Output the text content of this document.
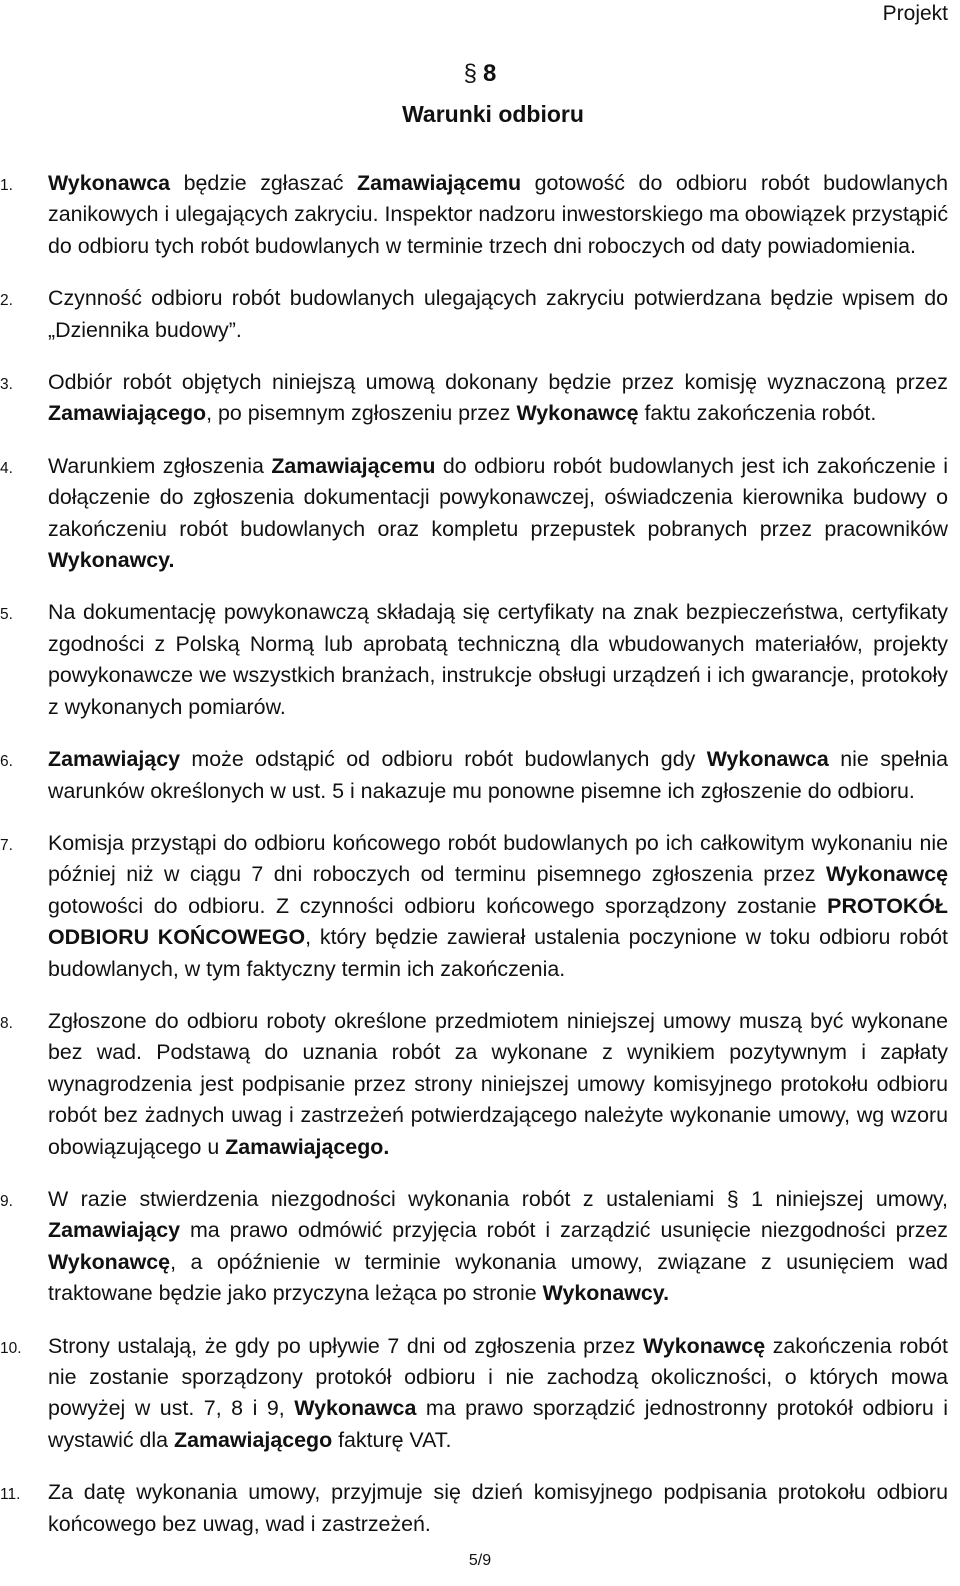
Projekt
§ 8
Warunki odbioru
1. Wykonawca będzie zgłaszać Zamawiającemu gotowość do odbioru robót budowlanych zanikowych i ulegających zakryciu. Inspektor nadzoru inwestorskiego ma obowiązek przystąpić do odbioru tych robót budowlanych w terminie trzech dni roboczych od daty powiadomienia.
2. Czynność odbioru robót budowlanych ulegających zakryciu potwierdzana będzie wpisem do „Dziennika budowy”.
3. Odbiór robót objętych niniejszą umową dokonany będzie przez komisję wyznaczoną przez Zamawiającego, po pisemnym zgłoszeniu przez Wykonawcę faktu zakończenia robót.
4. Warunkiem zgłoszenia Zamawiającemu do odbioru robót budowlanych jest ich zakończenie i dołączenie do zgłoszenia dokumentacji powykonawczej, oświadczenia kierownika budowy o zakończeniu robót budowlanych oraz kompletu przepustek pobranych przez pracowników Wykonawcy.
5. Na dokumentację powykonawczą składają się certyfikaty na znak bezpieczeństwa, certyfikaty zgodności z Polską Normą lub aprobatą techniczną dla wbudowanych materiałów, projekty powykonawcze we wszystkich branżach, instrukcje obsługi urządzeń i ich gwarancje, protokoły z wykonanych pomiarów.
6. Zamawiający może odstąpić od odbioru robót budowlanych gdy Wykonawca nie spełnia warunków określonych w ust. 5 i nakazuje mu ponowne pisemne ich zgłoszenie do odbioru.
7. Komisja przystąpi do odbioru końcowego robót budowlanych po ich całkowitym wykonaniu nie później niż w ciągu 7 dni roboczych od terminu pisemnego zgłoszenia przez Wykonawcę gotowości do odbioru. Z czynności odbioru końcowego sporządzony zostanie PROTOKÓŁ ODBIORU KOŃCOWEGO, który będzie zawierał ustalenia poczynione w toku odbioru robót budowlanych, w tym faktyczny termin ich zakończenia.
8. Zgłoszone do odbioru roboty określone przedmiotem niniejszej umowy muszą być wykonane bez wad. Podstawą do uznania robót za wykonane z wynikiem pozytywnym i zapłaty wynagrodzenia jest podpisanie przez strony niniejszej umowy komisyjnego protokołu odbioru robót bez żadnych uwag i zastrzeżeń potwierdzającego należyte wykonanie umowy, wg wzoru obowiązującego u Zamawiającego.
9. W razie stwierdzenia niezgodności wykonania robót z ustaleniami § 1 niniejszej umowy, Zamawiający ma prawo odmówić przyjęcia robót i zarządzić usunięcie niezgodności przez Wykonawcę, a opóźnienie w terminie wykonania umowy, związane z usunięciem wad traktowane będzie jako przyczyna leżąca po stronie Wykonawcy.
10. Strony ustalają, że gdy po upływie 7 dni od zgłoszenia przez Wykonawcę zakończenia robót nie zostanie sporządzony protokół odbioru i nie zachodzą okoliczności, o których mowa powyżej w ust. 7, 8 i 9, Wykonawca ma prawo sporządzić jednostronny protokół odbioru i wystawić dla Zamawiającego fakturę VAT.
11. Za datę wykonania umowy, przyjmuje się dzień komisyjnego podpisania protokołu odbioru końcowego bez uwag, wad i zastrzeżeń.
5/9
